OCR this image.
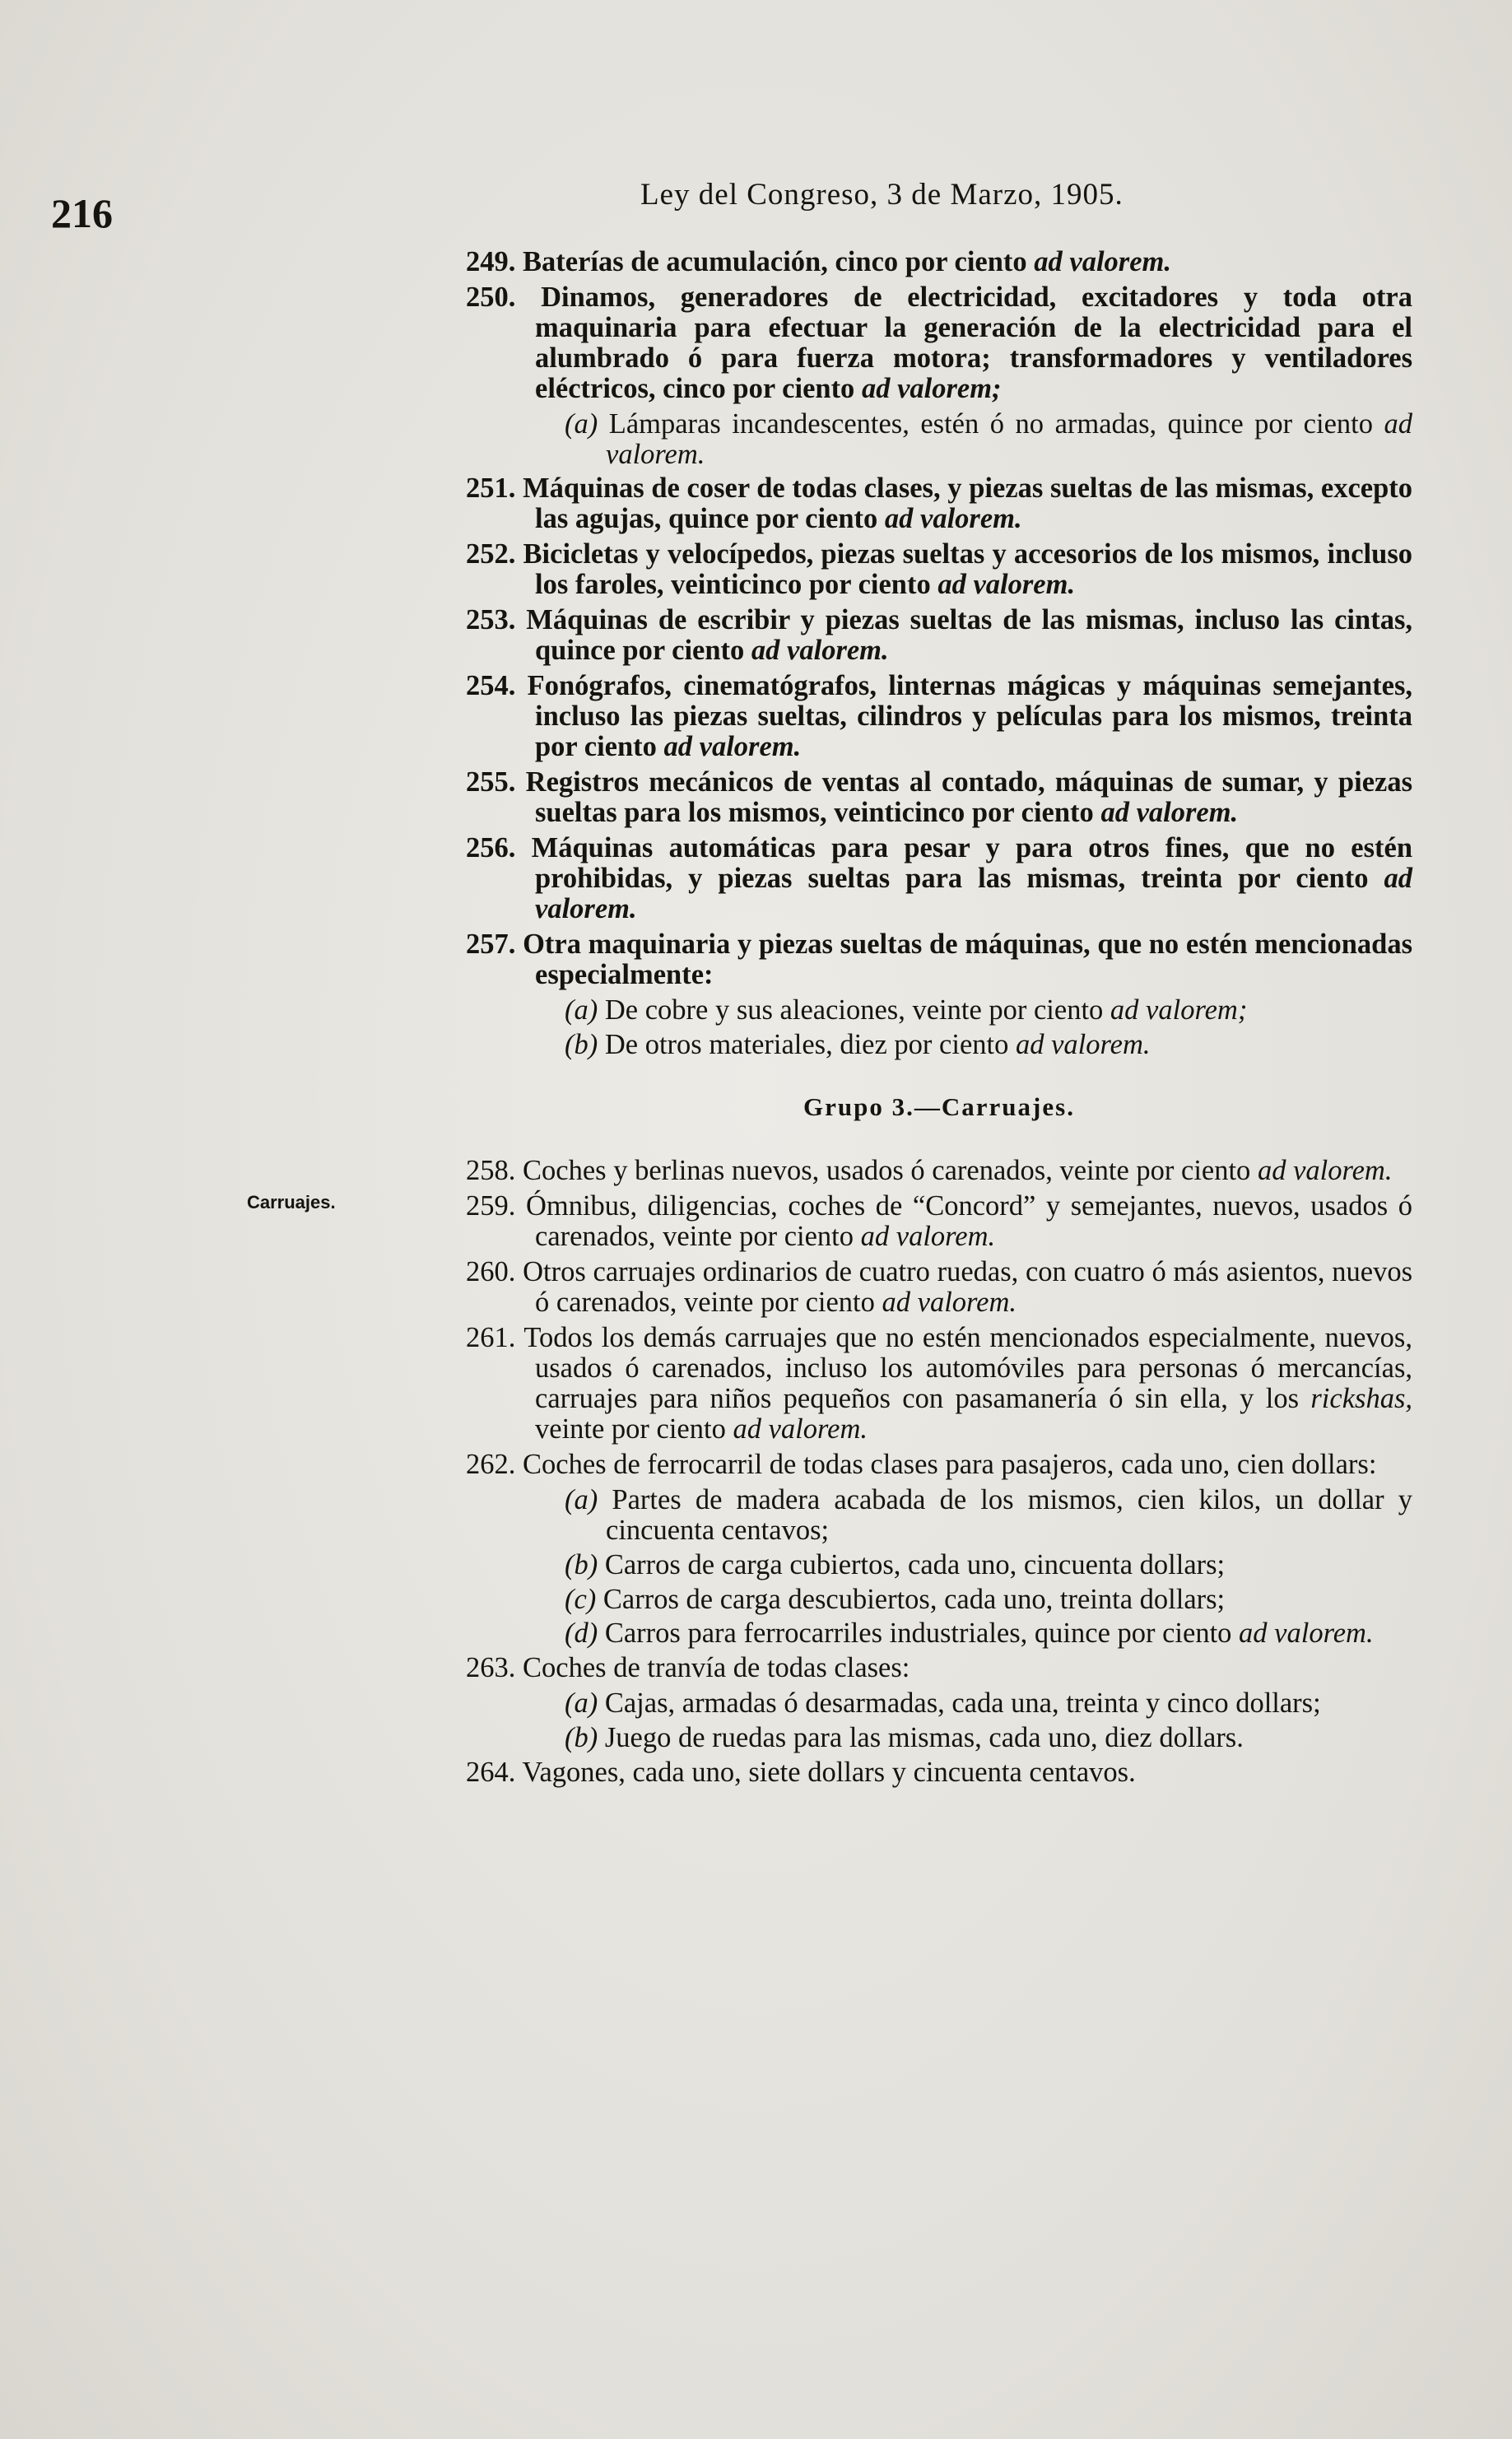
216	Ley del Congreso, 3 de Marzo, 1905.
Carruajes.

249. Baterías de acumulación, cinco por ciento ad valorem.

250. Dinamos, generadores de electricidad, excitadores y toda otra maquinaria para efectuar la generación de la electricidad para el alumbrado ó para fuerza motora; transformadores y ventiladores eléctricos, cinco por ciento ad valorem;

(a) Lámparas incandescentes, estén ó no armadas, quince por ciento ad valorem.

251. Máquinas de coser de todas clases, y piezas sueltas de las mismas, excepto las agujas, quince por ciento ad valorem.

252. Bicicletas y velocípedos, piezas sueltas y accesorios de los mismos, incluso los faroles, veinticinco por ciento ad valorem.

253. Máquinas de escribir y piezas sueltas de las mismas, incluso las cintas, quince por ciento ad valorem.

254. Fonógrafos, cinematógrafos, linternas mágicas y máquinas semejantes, incluso las piezas sueltas, cilindros y películas para los mismos, treinta por ciento ad valorem.

255. Registros mecánicos de ventas al contado, máquinas de sumar, y piezas sueltas para los mismos, veinticinco por ciento ad valorem.

256. Máquinas automáticas para pesar y para otros fines, que no estén prohibidas, y piezas sueltas para las mismas, treinta por ciento ad valorem.

257. Otra maquinaria y piezas sueltas de máquinas, que no estén mencionadas especialmente:

(a) De cobre y sus aleaciones, veinte por ciento ad valorem;

(b) De otros materiales, diez por ciento ad valorem.

Grupo 3.—Carruajes.

258. Coches y berlinas nuevos, usados ó carenados, veinte por ciento ad valorem.

259. Ómnibus, diligencias, coches de “Concord” y semejantes, nuevos, usados ó carenados, veinte por ciento ad valorem.

260. Otros carruajes ordinarios de cuatro ruedas, con cuatro ó más asientos, nuevos ó carenados, veinte por ciento ad valorem.

261. Todos los demás carruajes que no estén mencionados especialmente, nuevos, usados ó carenados, incluso los automóviles para personas ó mercancías, carruajes para niños pequeños con pasamanería ó sin ella, y los rickshas, veinte por ciento ad valorem.

262. Coches de ferrocarril de todas clases para pasajeros, cada uno, cien dollars:

(a) Partes de madera acabada de los mismos, cien kilos, un dollar y cincuenta centavos;

(b) Carros de carga cubiertos, cada uno, cincuenta dollars;

(c) Carros de carga descubiertos, cada uno, treinta dollars;

(d) Carros para ferrocarriles industriales, quince por ciento ad valorem.

263. Coches de tranvía de todas clases:

(a) Cajas, armadas ó desarmadas, cada una, treinta y cinco dollars;

(b) Juego de ruedas para las mismas, cada uno, diez dollars.

264. Vagones, cada uno, siete dollars y cincuenta centavos.
